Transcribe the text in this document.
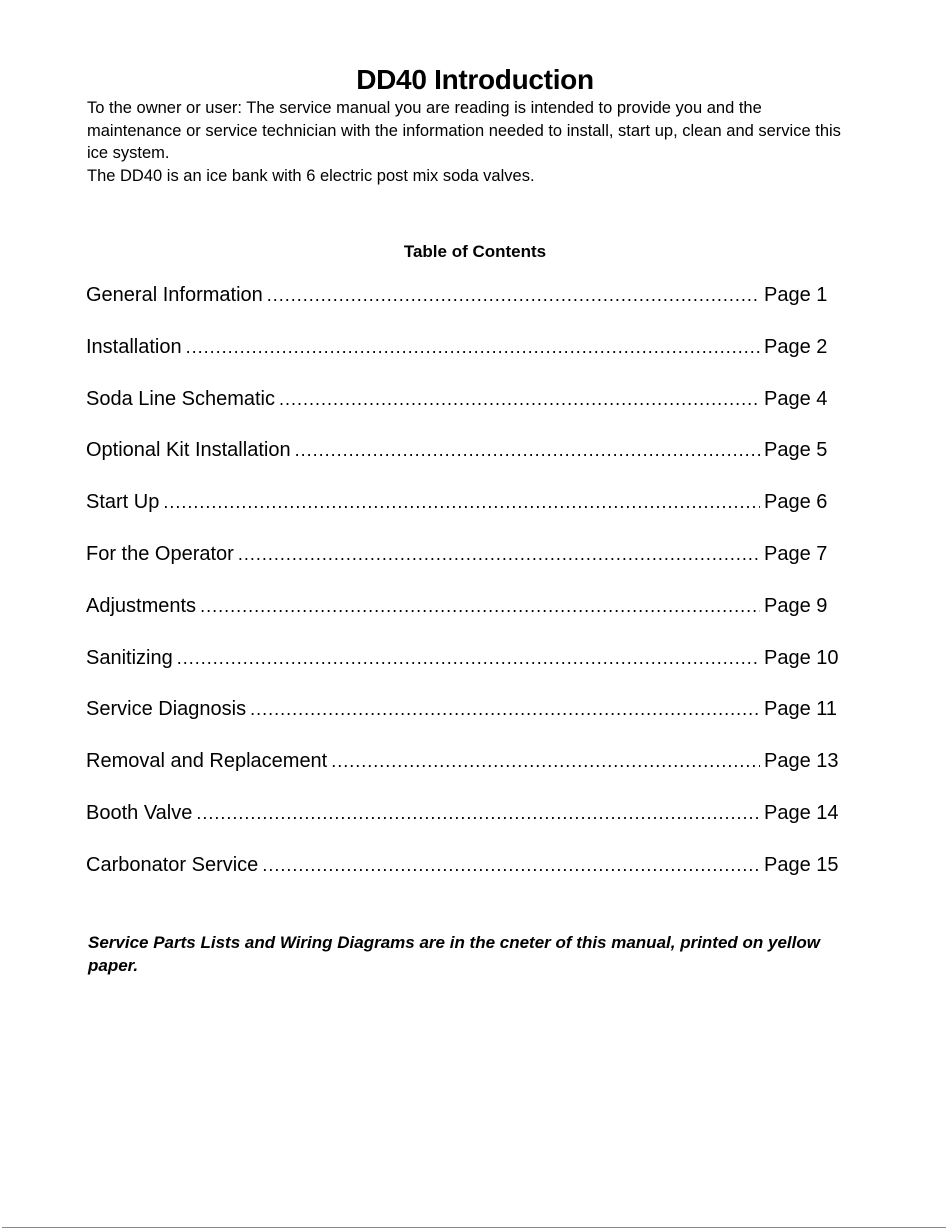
DD40 Introduction

To the owner or user: The service manual you are reading is intended to provide you and the maintenance or service technician with the information needed to install, start up, clean and service this ice system.

The DD40 is an ice bank with 6 electric post mix soda valves.

Table of Contents
General Information .....	Page 1
Installation .....	Page 2
Soda Line Schematic .....	Page 4
Optional Kit Installation .....	Page 5
Start Up .....	Page 6
For the Operator .....	Page 7
Adjustments .....	Page 9
Sanitizing .....	Page 10
Service Diagnosis .....	Page 11
Removal and Replacement .....	Page 13
Booth Valve .....	Page 14
Carbonator Service .....	Page 15
Service Parts Lists and Wiring Diagrams are in the cneter of this manual, printed on yellow paper.
